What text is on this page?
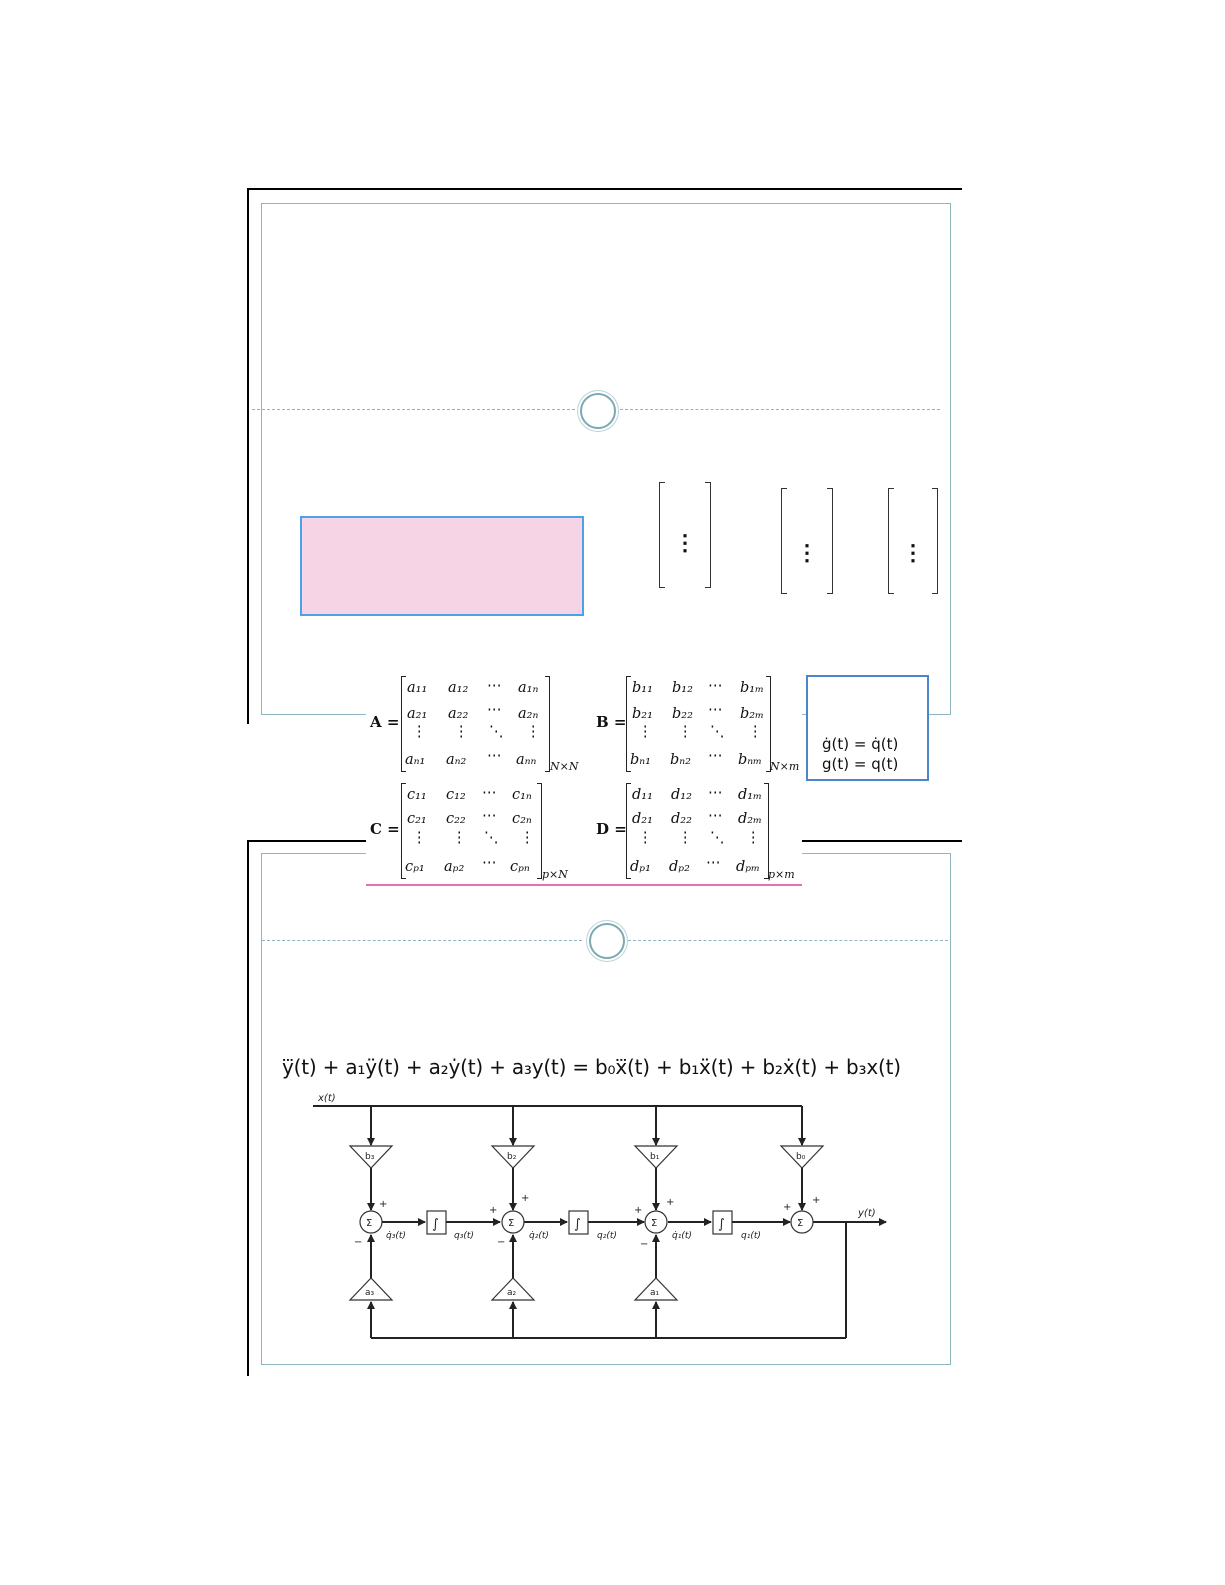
⋮	⋮	⋮
A =
a₁₁ a₁₂ ⋯ a₁ₙ
a₂₁ a₂₂ ⋯ a₂ₙ
⋮ ⋮ ⋱ ⋮
aₙ₁ aₙ₂ ⋯ aₙₙ N×N
B =
b₁₁ b₁₂ ⋯ b₁ₘ
b₂₁ b₂₂ ⋯ b₂ₘ
⋮ ⋮ ⋱ ⋮
bₙ₁ bₙ₂ ⋯ bₙₘ N×m
C =
c₁₁ c₁₂ ⋯ c₁ₙ
c₂₁ c₂₂ ⋯ c₂ₙ
⋮ ⋮ ⋱ ⋮
cₚ₁ aₚ₂ ⋯ cₚₙ p×N
D =
d₁₁ d₁₂ ⋯ d₁ₘ
d₂₁ d₂₂ ⋯ d₂ₘ
⋮ ⋮ ⋱ ⋮
dₚ₁ dₚ₂ ⋯ dₚₘ p×m
ġ(t) = q̇(t)
g(t) = q(t)
y⃛(t) + a₁ÿ(t) + a₂ẏ(t) + a₃y(t) = b₀x⃛(t) + b₁ẍ(t) + b₂ẋ(t) + b₃x(t)
x(t)
y(t)
b₃	b₂	b₁	b₀
a₃	a₂	a₁
Σ	Σ	Σ	Σ
∫	∫	∫
q̇₃(t)	q̇₂(t)	q̇₁(t)
q₃(t)	q₂(t)	q₁(t)
+
+
+
+
+	+
+
−	−	−
